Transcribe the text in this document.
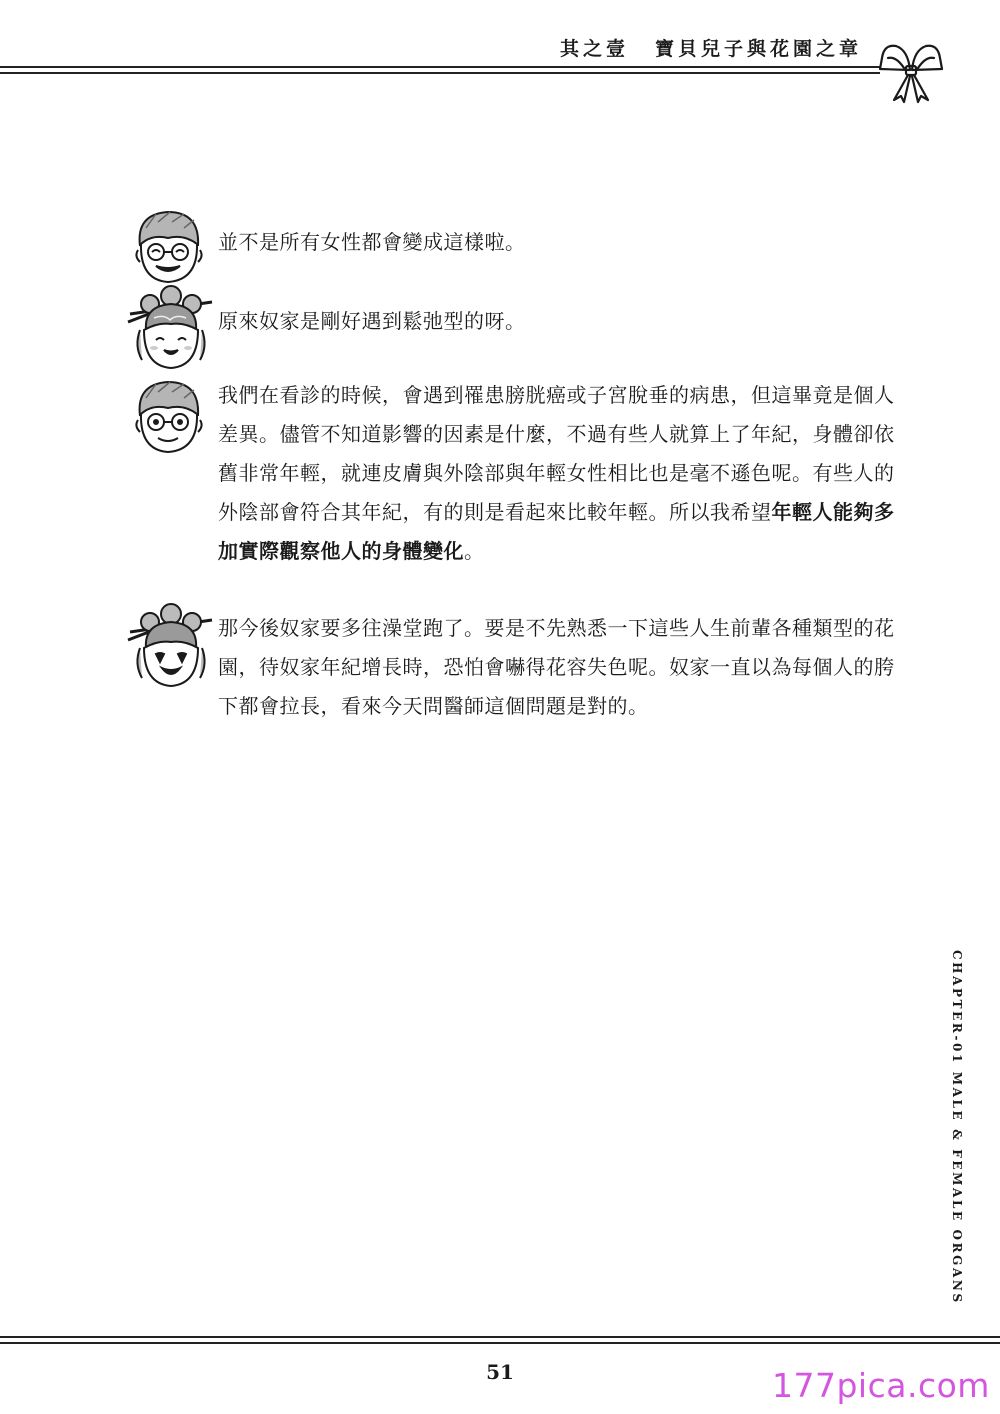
其之壹 寶貝兒子與花園之章

並不是所有女性都會變成這樣啦。

原來奴家是剛好遇到鬆弛型的呀。

我們在看診的時候，會遇到罹患膀胱癌或子宮脫垂的病患，但這畢竟是個人差異。儘管不知道影響的因素是什麼，不過有些人就算上了年紀，身體卻依舊非常年輕，就連皮膚與外陰部與年輕女性相比也是毫不遜色呢。有些人的外陰部會符合其年紀，有的則是看起來比較年輕。所以我希望年輕人能夠多加實際觀察他人的身體變化。

那今後奴家要多往澡堂跑了。要是不先熟悉一下這些人生前輩各種類型的花園，待奴家年紀增長時，恐怕會嚇得花容失色呢。奴家一直以為每個人的胯下都會拉長，看來今天問醫師這個問題是對的。

CHAPTER-01 MALE & FEMALE ORGANS
51	177pica.com
